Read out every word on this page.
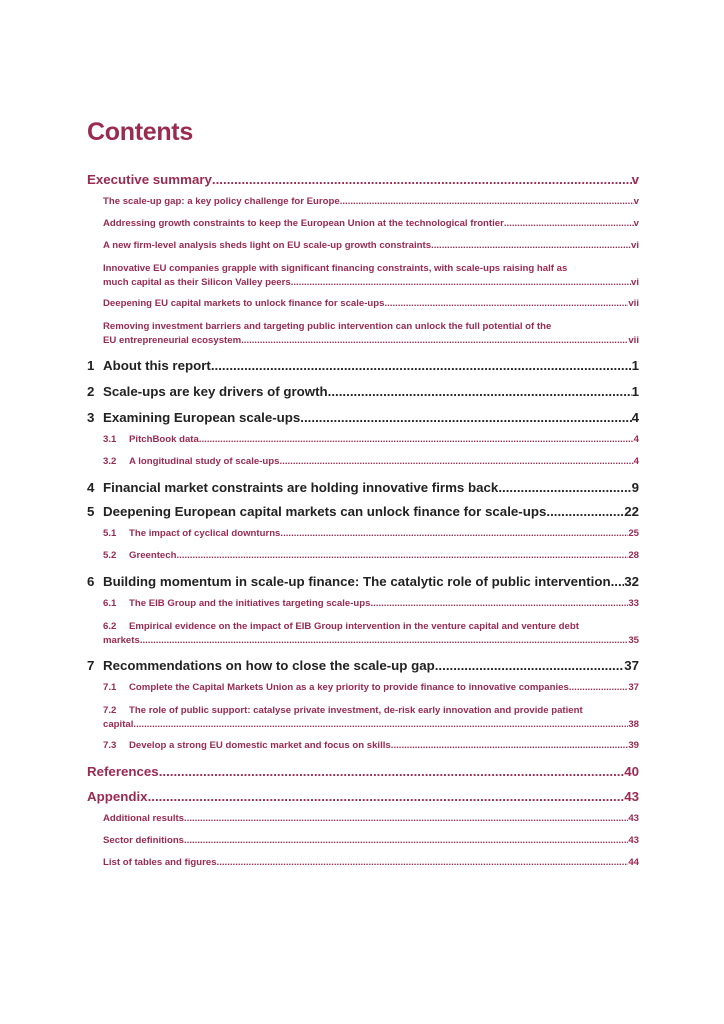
Contents
Executive summary .....	v
The scale-up gap: a key policy challenge for Europe .....	v
Addressing growth constraints to keep the European Union at the technological frontier .....	v
A new firm-level analysis sheds light on EU scale-up growth constraints .....	vi
Innovative EU companies grapple with significant financing constraints, with scale-ups raising half as
much capital as their Silicon Valley peers .....	vi
Deepening EU capital markets to unlock finance for scale-ups .....	vii
Removing investment barriers and targeting public intervention can unlock the full potential of the
EU entrepreneurial ecosystem .....	vii
1 About this report .....	1
2 Scale-ups are key drivers of growth .....	1
3 Examining European scale-ups .....	4
3.1	PitchBook data .....	4
3.2	A longitudinal study of scale-ups .....	4
4 Financial market constraints are holding innovative firms back .....	9
5 Deepening European capital markets can unlock finance for scale-ups .....	22
5.1	The impact of cyclical downturns .....	25
5.2	Greentech .....	28
6 Building momentum in scale-up finance: The catalytic role of public intervention ..... 32
6.1	The EIB Group and the initiatives targeting scale-ups .....	33
6.2 Empirical evidence on the impact of EIB Group intervention in the venture capital and venture debt
markets .....	35
7 Recommendations on how to close the scale-up gap .....	37
7.1	Complete the Capital Markets Union as a key priority to provide finance to innovative companies .....	37
7.2 The role of public support: catalyse private investment, de-risk early innovation and provide patient
capital .....	38
7.3	Develop a strong EU domestic market and focus on skills .....	39
References .....	40
Appendix .....	43
Additional results .....	43
Sector definitions .....	43
List of tables and figures .....	44
